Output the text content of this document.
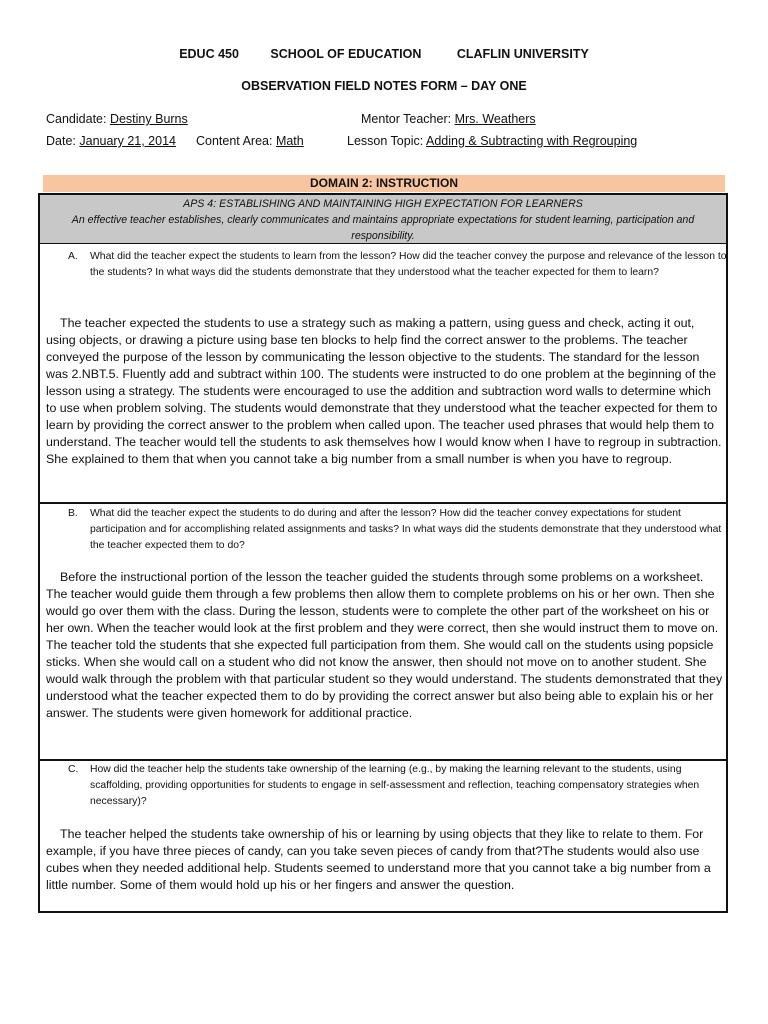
EDUC 450	SCHOOL OF EDUCATION	CLAFLIN UNIVERSITY
OBSERVATION FIELD NOTES FORM – DAY ONE
Candidate: Destiny Burns	Mentor Teacher: Mrs. Weathers
Date: January 21, 2014 Content Area: Math	Lesson Topic: Adding & Subtracting with Regrouping
DOMAIN 2: INSTRUCTION
APS 4: ESTABLISHING AND MAINTAINING HIGH EXPECTATION FOR LEARNERS
An effective teacher establishes, clearly communicates and maintains appropriate expectations for student learning, participation and responsibility.
A. What did the teacher expect the students to learn from the lesson? How did the teacher convey the purpose and relevance of the lesson to the students? In what ways did the students demonstrate that they understood what the teacher expected for them to learn?
The teacher expected the students to use a strategy such as making a pattern, using guess and check, acting it out, using objects, or drawing a picture using base ten blocks to help find the correct answer to the problems. The teacher conveyed the purpose of the lesson by communicating the lesson objective to the students. The standard for the lesson was 2.NBT.5. Fluently add and subtract within 100. The students were instructed to do one problem at the beginning of the lesson using a strategy. The students were encouraged to use the addition and subtraction word walls to determine which to use when problem solving. The students would demonstrate that they understood what the teacher expected for them to learn by providing the correct answer to the problem when called upon. The teacher used phrases that would help them to understand. The teacher would tell the students to ask themselves how I would know when I have to regroup in subtraction. She explained to them that when you cannot take a big number from a small number is when you have to regroup.
B. What did the teacher expect the students to do during and after the lesson? How did the teacher convey expectations for student participation and for accomplishing related assignments and tasks? In what ways did the students demonstrate that they understood what the teacher expected them to do?
Before the instructional portion of the lesson the teacher guided the students through some problems on a worksheet. The teacher would guide them through a few problems then allow them to complete problems on his or her own. Then she would go over them with the class. During the lesson, students were to complete the other part of the worksheet on his or her own. When the teacher would look at the first problem and they were correct, then she would instruct them to move on. The teacher told the students that she expected full participation from them. She would call on the students using popsicle sticks. When she would call on a student who did not know the answer, then should not move on to another student. She would walk through the problem with that particular student so they would understand. The students demonstrated that they understood what the teacher expected them to do by providing the correct answer but also being able to explain his or her answer. The students were given homework for additional practice.
C. How did the teacher help the students take ownership of the learning (e.g., by making the learning relevant to the students, using scaffolding, providing opportunities for students to engage in self-assessment and reflection, teaching compensatory strategies when necessary)?
The teacher helped the students take ownership of his or learning by using objects that they like to relate to them. For example, if you have three pieces of candy, can you take seven pieces of candy from that?The students would also use cubes when they needed additional help. Students seemed to understand more that you cannot take a big number from a little number. Some of them would hold up his or her fingers and answer the question.
